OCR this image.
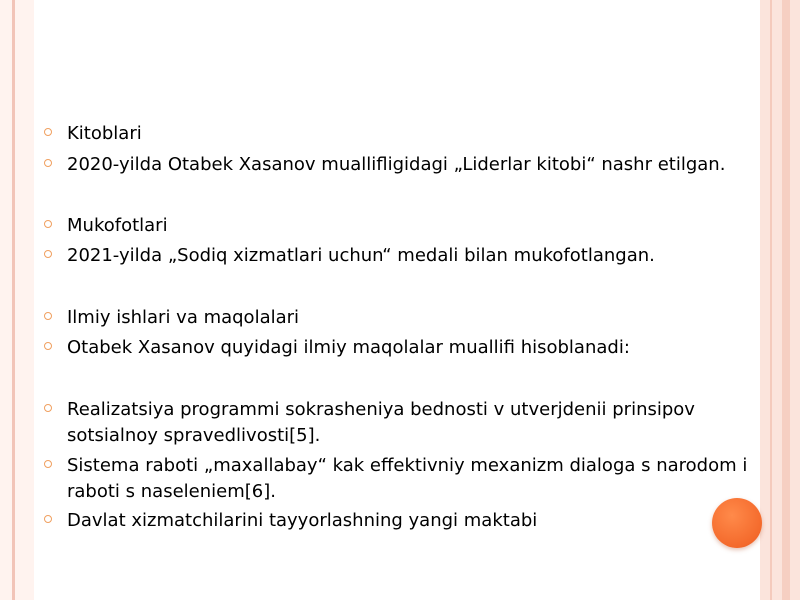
Kitoblari
2020-yilda Otabek Xasanov muallifligidagi „Liderlar kitobi“ nashr etilgan.
Mukofotlari
2021-yilda „Sodiq xizmatlari uchun“ medali bilan mukofotlangan.
Ilmiy ishlari va maqolalari
Otabek Xasanov quyidagi ilmiy maqolalar muallifi hisoblanadi:
Realizatsiya programmi sokrasheniya bednosti v utverjdenii prinsipov sotsialnoy spravedlivosti[5].
Sistema raboti „maxallabay“ kak effektivniy mexanizm dialoga s narodom i raboti s naseleniem[6].
Davlat xizmatchilarini tayyorlashning yangi maktabi
